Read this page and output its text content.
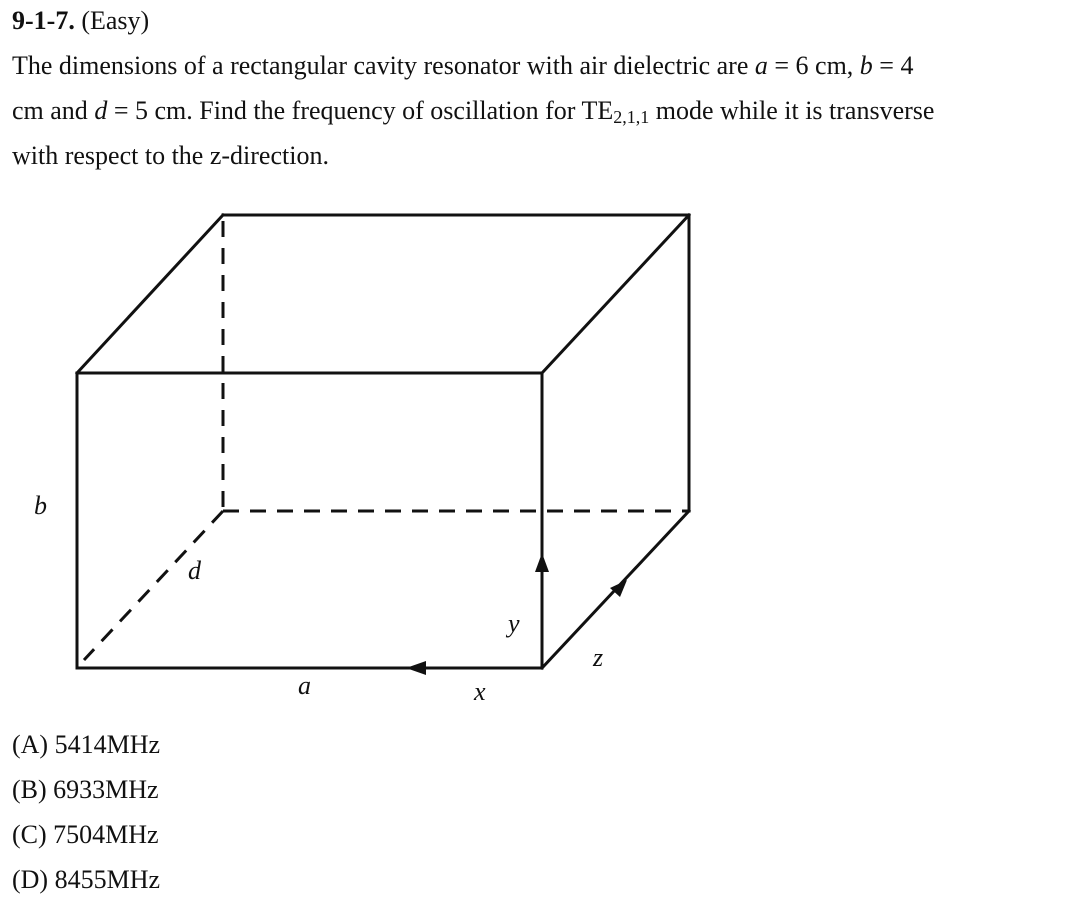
9-1-7. (Easy)
The dimensions of a rectangular cavity resonator with air dielectric are a = 6 cm, b = 4
cm and d = 5 cm. Find the frequency of oscillation for $TE_{2,1,1}$ mode while it is transverse
with respect to the z-direction.
b
d
a	x
y
z
(A) 5414MHz
(B) 6933MHz
(C) 7504MHz
(D) 8455MHz
